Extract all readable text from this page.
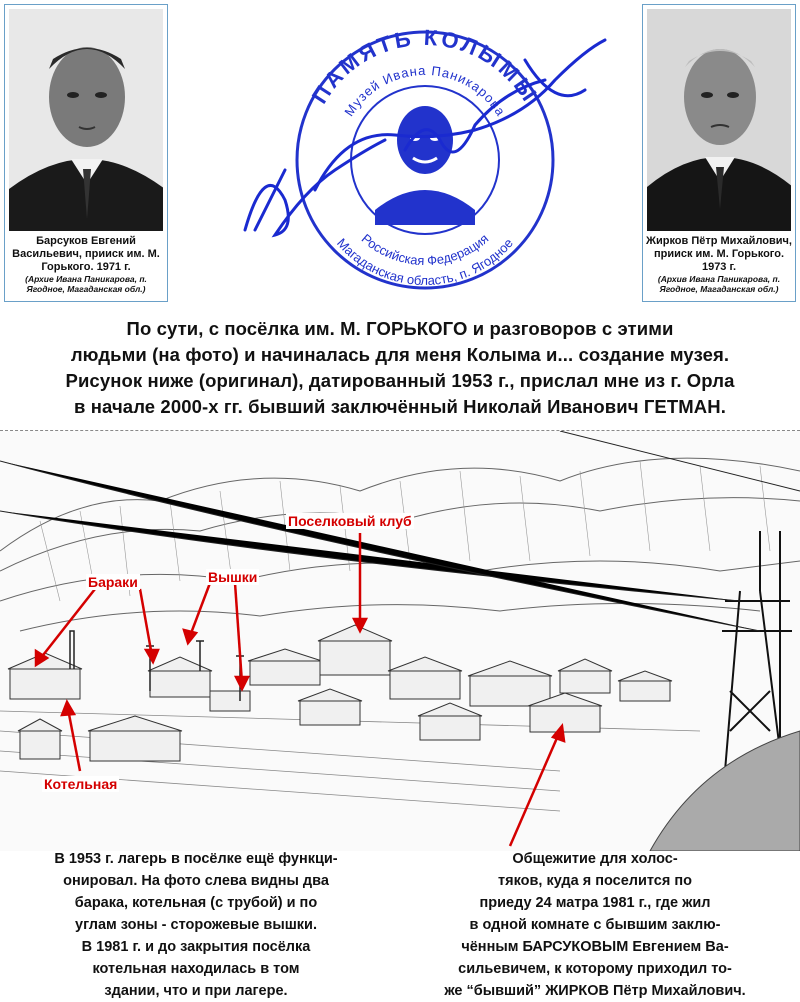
Барсуков Евгений Васильевич, прииск им. М. Горького. 1971 г.
(Архие Ивана Паникарова, п. Ягодное, Магаданская обл.)
Жирков Пётр Михайлович, прииск им. М. Горького. 1973 г.
(Архив Ивана Паникарова, п. Ягодное, Магаданская обл.)
ПАМЯТЬ КОЛЫМЫ
Музей Ивана Паникарова
Российская Федерация
Магаданская область, п. Ягодное
По сути, с посёлка им. М. ГОРЬКОГО и разговоров с этими
людьми (на фото) и начиналась для меня Колыма и... создание музея.
Рисунок ниже (оригинал), датированный 1953 г., прислал мне из г. Орла
в начале 2000-х гг. бывший заключённый Николай Иванович ГЕТМАН.
Поселковый клуб
Бараки	Вышки
Котельная
В 1953 г. лагерь в посёлке ещё функци-
онировал. На фото слева видны два
барака, котельная (с трубой) и по
углам зоны - сторожевые вышки.
В 1981 г. и до закрытия посёлка
котельная находилась в том
здании, что и при лагере.
Общежитие для холос-
тяков, куда я поселится по
приеду 24 матра 1981 г., где жил
в одной комнате с бывшим заклю-
чённым БАРСУКОВЫМ Евгением Ва-
сильевичем, к которому приходил то-
же “бывший” ЖИРКОВ Пётр Михайлович.
